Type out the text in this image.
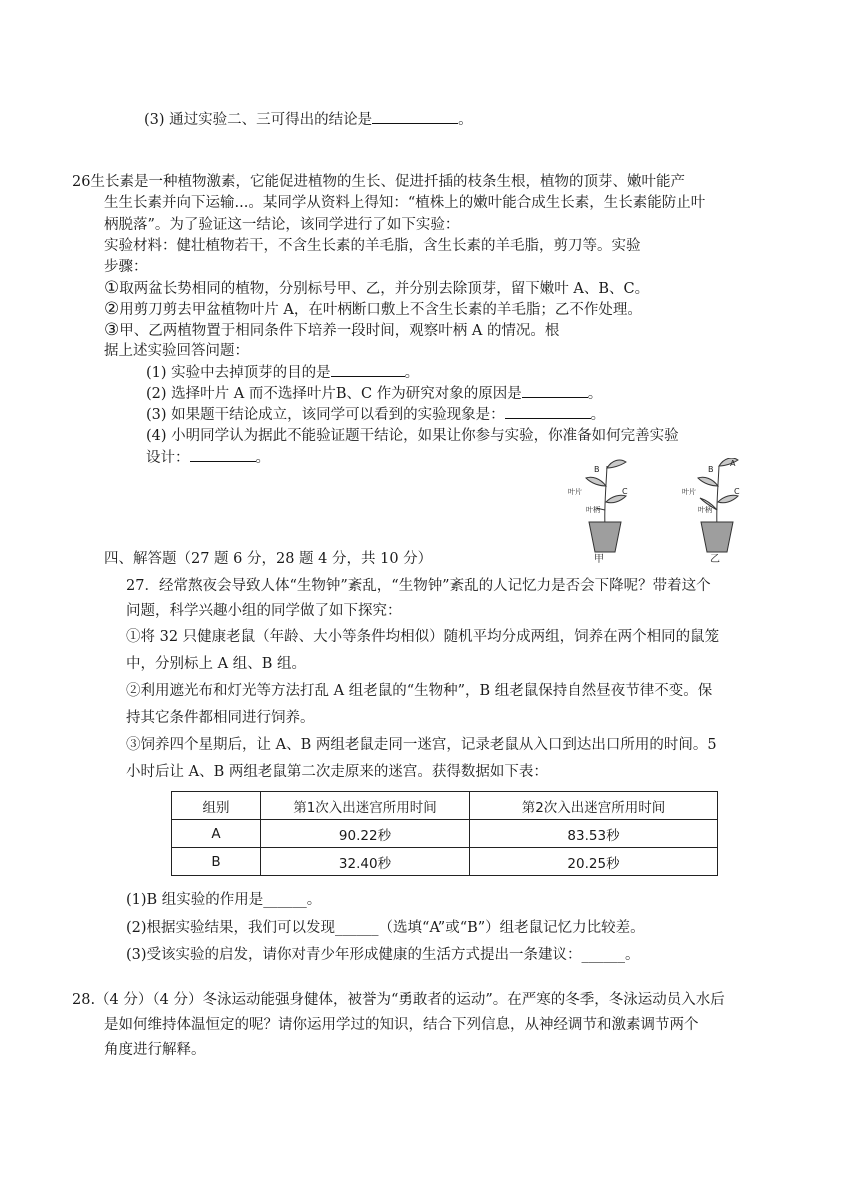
(3) 通过实验二、三可得出的结论是	。
26生长素是一种植物激素，它能促进植物的生长、促进扦插的枝条生根，植物的顶芽、嫩叶能产
生生长素并向下运输...。某同学从资料上得知：“植株上的嫩叶能合成生长素，生长素能防止叶
柄脱落”。为了验证这一结论，该同学进行了如下实验：
实验材料：健壮植物若干，不含生长素的羊毛脂，含生长素的羊毛脂，剪刀等。实验
步骤：
①取两盆长势相同的植物，分别标号甲、乙，并分别去除顶芽，留下嫩叶 A、B、C。
②用剪刀剪去甲盆植物叶片 A，在叶柄断口敷上不含生长素的羊毛脂；乙不作处理。
③甲、乙两植物置于相同条件下培养一段时间，观察叶柄 A 的情况。根
据上述实验回答问题：
(1) 实验中去掉顶芽的目的是	。
(2) 选择叶片 A 而不选择叶片B、C 作为研究对象的原因是	。
(3) 如果题干结论成立，该同学可以看到的实验现象是：	。
(4) 小明同学认为据此不能验证题干结论，如果让你参与实验，你准备如何完善实验
设计：	。
B
叶片
叶柄
C
甲
A
B
叶片
叶柄
C
乙
四、解答题（27 题 6 分，28 题 4 分，共 10 分）
27．经常熬夜会导致人体“生物钟”紊乱，“生物钟”紊乱的人记忆力是否会下降呢？带着这个
问题，科学兴趣小组的同学做了如下探究：
①将 32 只健康老鼠（年龄、大小等条件均相似）随机平均分成两组，饲养在两个相同的鼠笼
中，分别标上 A 组、B 组。
②利用遮光布和灯光等方法打乱 A 组老鼠的“生物种”，B 组老鼠保持自然昼夜节律不变。保
持其它条件都相同进行饲养。
③饲养四个星期后，让 A、B 两组老鼠走同一迷宫，记录老鼠从入口到达出口所用的时间。5
小时后让 A、B 两组老鼠第二次走原来的迷宫。获得数据如下表：
组别	第1次入出迷宫所用时间	第2次入出迷宫所用时间
A	90.22秒	83.53秒
B	32.40秒	20.25秒
(1)B 组实验的作用是______。
(2)根据实验结果，我们可以发现______（选填“A”或“B”）组老鼠记忆力比较差。
(3)受该实验的启发，请你对青少年形成健康的生活方式提出一条建议：______。
28.（4 分）（4 分）冬泳运动能强身健体，被誉为“勇敢者的运动”。在严寒的冬季，冬泳运动员入水后
是如何维持体温恒定的呢？请你运用学过的知识，结合下列信息，从神经调节和激素调节两个
角度进行解释。
